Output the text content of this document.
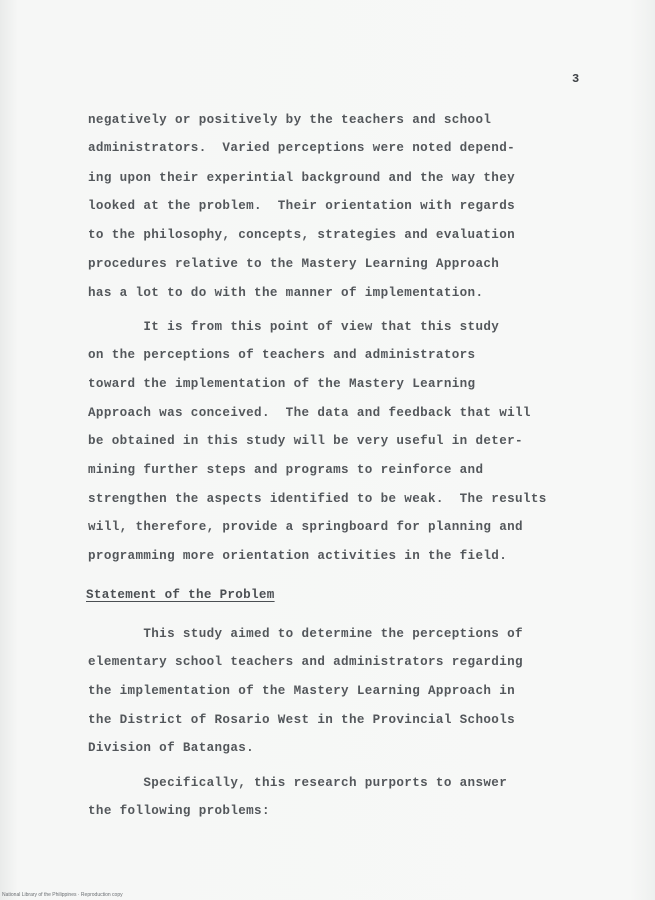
3
negatively or positively by the teachers and school
administrators.  Varied perceptions were noted depend-
ing upon their experintial background and the way they
looked at the problem.  Their orientation with regards
to the philosophy, concepts, strategies and evaluation
procedures relative to the Mastery Learning Approach
has a lot to do with the manner of implementation.
It is from this point of view that this study
on the perceptions of teachers and administrators
toward the implementation of the Mastery Learning
Approach was conceived.  The data and feedback that will
be obtained in this study will be very useful in deter-
mining further steps and programs to reinforce and
strengthen the aspects identified to be weak.  The results
will, therefore, provide a springboard for planning and
programming more orientation activities in the field.
Statement of the Problem
This study aimed to determine the perceptions of
elementary school teachers and administrators regarding
the implementation of the Mastery Learning Approach in
the District of Rosario West in the Provincial Schools
Division of Batangas.
Specifically, this research purports to answer
the following problems:
National Library of the Philippines · Reproduction copy
